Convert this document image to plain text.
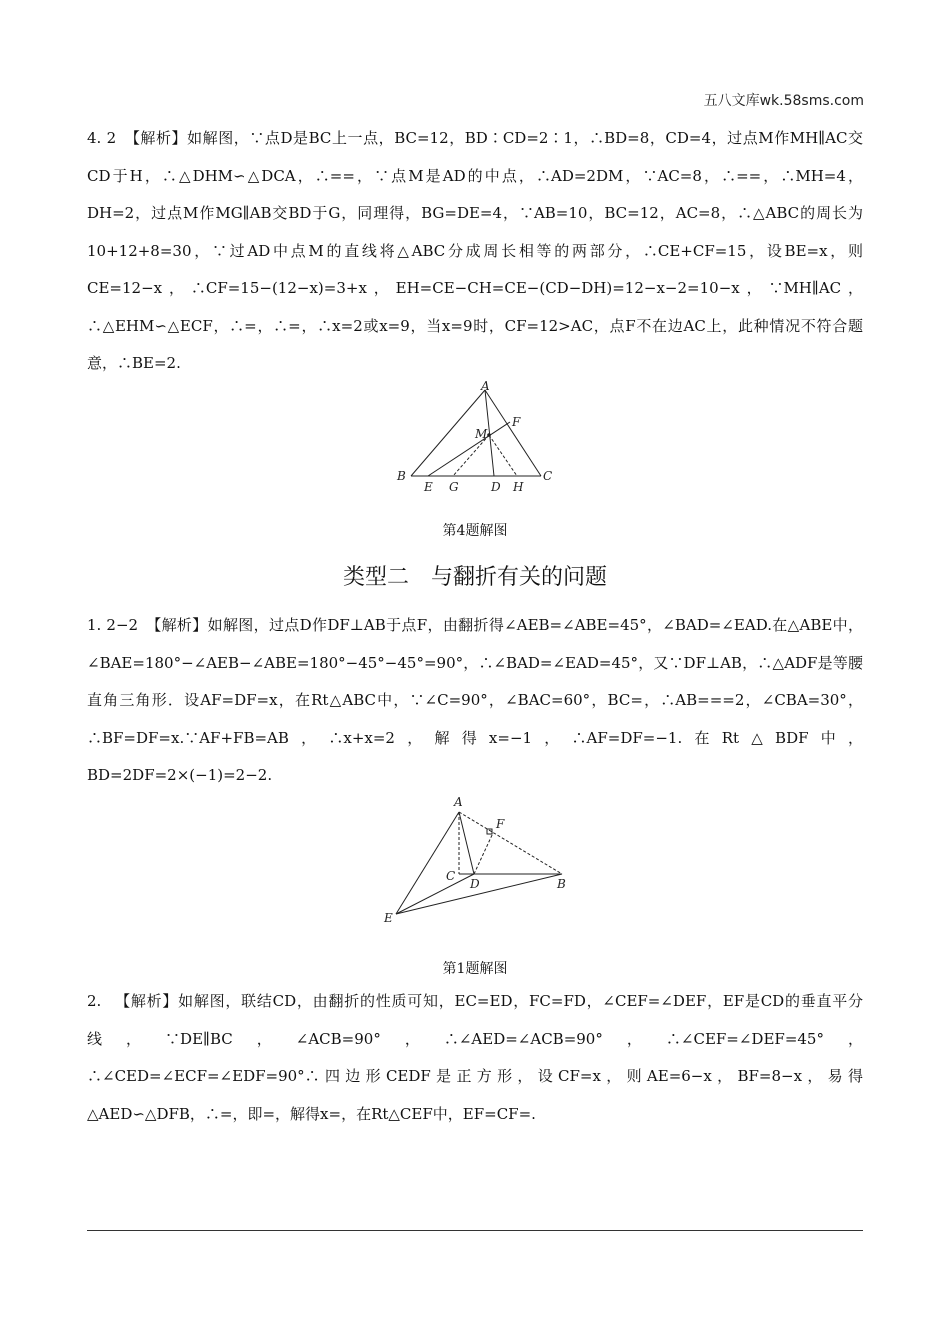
五八文库wk.58sms.com

4. 2　【解析】如解图，∵点D是BC上一点，BC=12，BD∶CD=2∶1，∴BD=8，CD=4，过点M作MH∥AC交CD于H，∴△DHM∽△DCA，∴==，∵点M是AD的中点，∴AD=2DM，∵AC=8，∴==，∴MH=4，DH=2，过点M作MG∥AB交BD于G，同理得，BG=DE=4，∵AB=10，BC=12，AC=8，∴△ABC的周长为10+12+8=30，∵过AD中点M的直线将△ABC分成周长相等的两部分，∴CE+CF=15，设BE=x，则CE=12−x，∴CF=15−(12−x)=3+x，EH=CE−CH=CE−(CD−DH)=12−x−2=10−x，∵MH∥AC，∴△EHM∽△ECF，∴=，∴=，∴x=2或x=9，当x=9时，CF=12>AC，点F不在边AC上，此种情况不符合题意，∴BE=2.

A
B	C
D
E
F
G	H
M
第4题解图
类型二　与翻折有关的问题

1. 2−2　【解析】如解图，过点D作DF⊥AB于点F，由翻折得∠AEB=∠ABE=45°，∠BAD=∠EAD.在△ABE中，∠BAE=180°−∠AEB−∠ABE=180°−45°−45°=90°，∴∠BAD=∠EAD=45°，又∵DF⊥AB，∴△ADF是等腰直角三角形．设AF=DF=x，在Rt△ABC中，∵∠C=90°，∠BAC=60°，BC=，∴AB===2，∠CBA=30°，∴BF=DF=x.∵AF+FB=AB，∴x+x=2，解得x=−1，∴AF=DF=−1.在Rt△BDF中，BD=2DF=2×(−1)=2−2.

A
B
C
D
E
F
第1题解图

2. 　【解析】如解图，联结CD，由翻折的性质可知，EC=ED，FC=FD，∠CEF=∠DEF，EF是CD的垂直平分线，∵DE∥BC，∠ACB=90°，∴∠AED=∠ACB=90°，∴∠CEF=∠DEF=45°，∴∠CED=∠ECF=∠EDF=90°∴四边形CEDF是正方形，设CF=x，则AE=6−x，BF=8−x，易得△AED∽△DFB，∴=，即=，解得x=，在Rt△CEF中，EF=CF=.
